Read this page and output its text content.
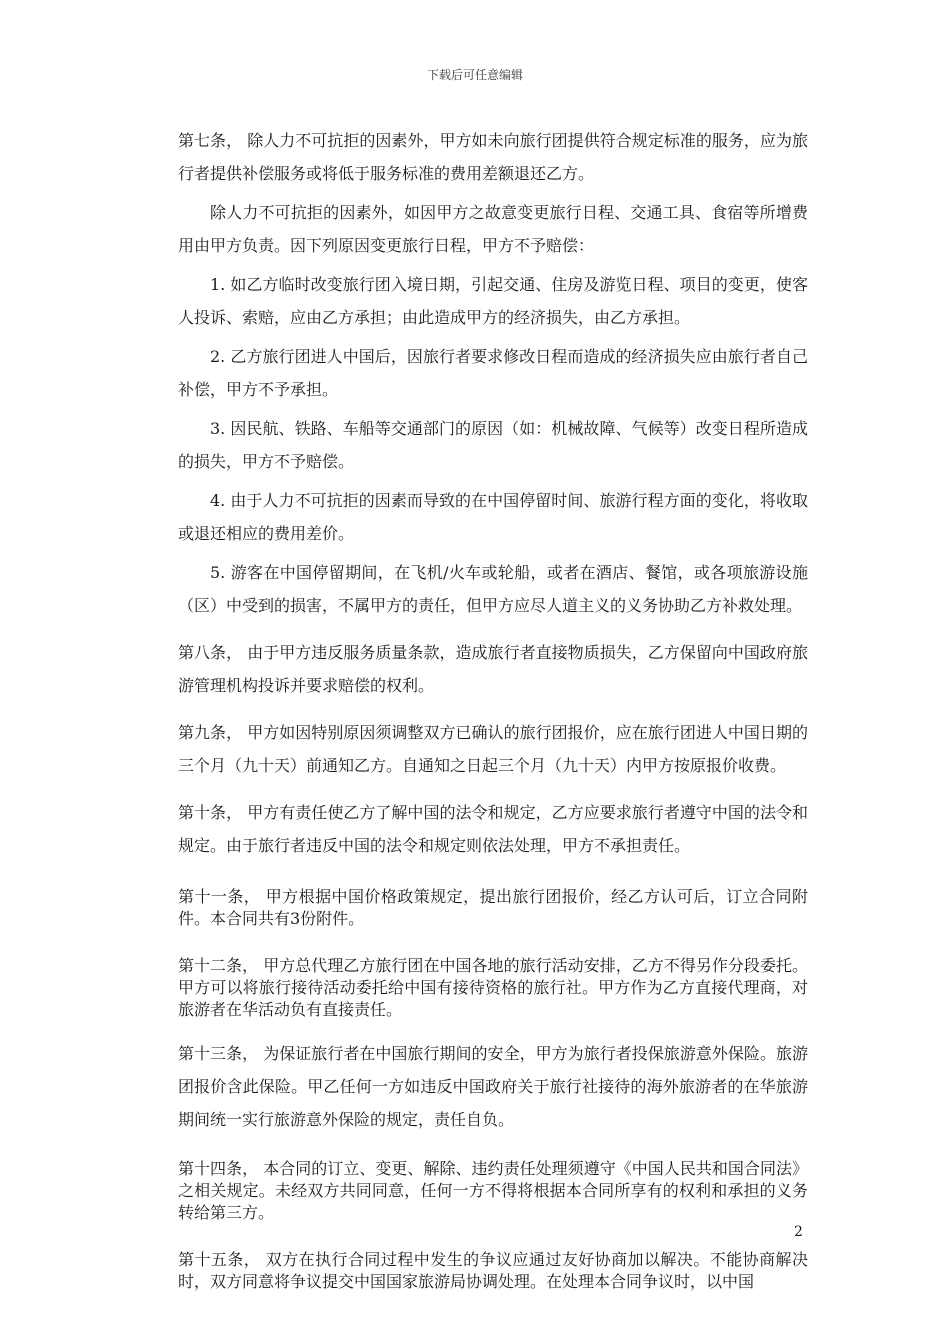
下载后可任意编辑

第七条， 除人力不可抗拒的因素外，甲方如未向旅行团提供符合规定标准的服务，应为旅行者提供补偿服务或将低于服务标准的费用差额退还乙方。

除人力不可抗拒的因素外，如因甲方之故意变更旅行日程、交通工具、食宿等所增费用由甲方负责。因下列原因变更旅行日程，甲方不予赔偿：

1. 如乙方临时改变旅行团入境日期，引起交通、住房及游览日程、项目的变更，使客人投诉、索赔，应由乙方承担；由此造成甲方的经济损失，由乙方承担。

2. 乙方旅行团进人中国后，因旅行者要求修改日程而造成的经济损失应由旅行者自己补偿，甲方不予承担。

3. 因民航、铁路、车船等交通部门的原因（如：机械故障、气候等）改变日程所造成的损失，甲方不予赔偿。

4. 由于人力不可抗拒的因素而导致的在中国停留时间、旅游行程方面的变化，将收取或退还相应的费用差价。

5. 游客在中国停留期间，在飞机/火车或轮船，或者在酒店、餐馆，或各项旅游设施（区）中受到的损害，不属甲方的责任，但甲方应尽人道主义的义务协助乙方补救处理。

第八条， 由于甲方违反服务质量条款，造成旅行者直接物质损失，乙方保留向中国政府旅游管理机构投诉并要求赔偿的权利。

第九条， 甲方如因特别原因须调整双方已确认的旅行团报价，应在旅行团进人中国日期的三个月（九十天）前通知乙方。自通知之日起三个月（九十天）内甲方按原报价收费。

第十条， 甲方有责任使乙方了解中国的法令和规定，乙方应要求旅行者遵守中国的法令和规定。由于旅行者违反中国的法令和规定则依法处理，甲方不承担责任。

第十一条， 甲方根据中国价格政策规定，提出旅行团报价，经乙方认可后，订立合同附件。本合同共有3份附件。

第十二条， 甲方总代理乙方旅行团在中国各地的旅行活动安排，乙方不得另作分段委托。甲方可以将旅行接待活动委托给中国有接待资格的旅行社。甲方作为乙方直接代理商，对旅游者在华活动负有直接责任。

第十三条， 为保证旅行者在中国旅行期间的安全，甲方为旅行者投保旅游意外保险。旅游团报价含此保险。甲乙任何一方如违反中国政府关于旅行社接待的海外旅游者的在华旅游期间统一实行旅游意外保险的规定，责任自负。

第十四条， 本合同的订立、变更、解除、违约责任处理须遵守《中国人民共和国合同法》之相关规定。未经双方共同同意，任何一方不得将根据本合同所享有的权利和承担的义务转给第三方。

第十五条， 双方在执行合同过程中发生的争议应通过友好协商加以解决。不能协商解决时，双方同意将争议提交中国国家旅游局协调处理。在处理本合同争议时，以中国

2
